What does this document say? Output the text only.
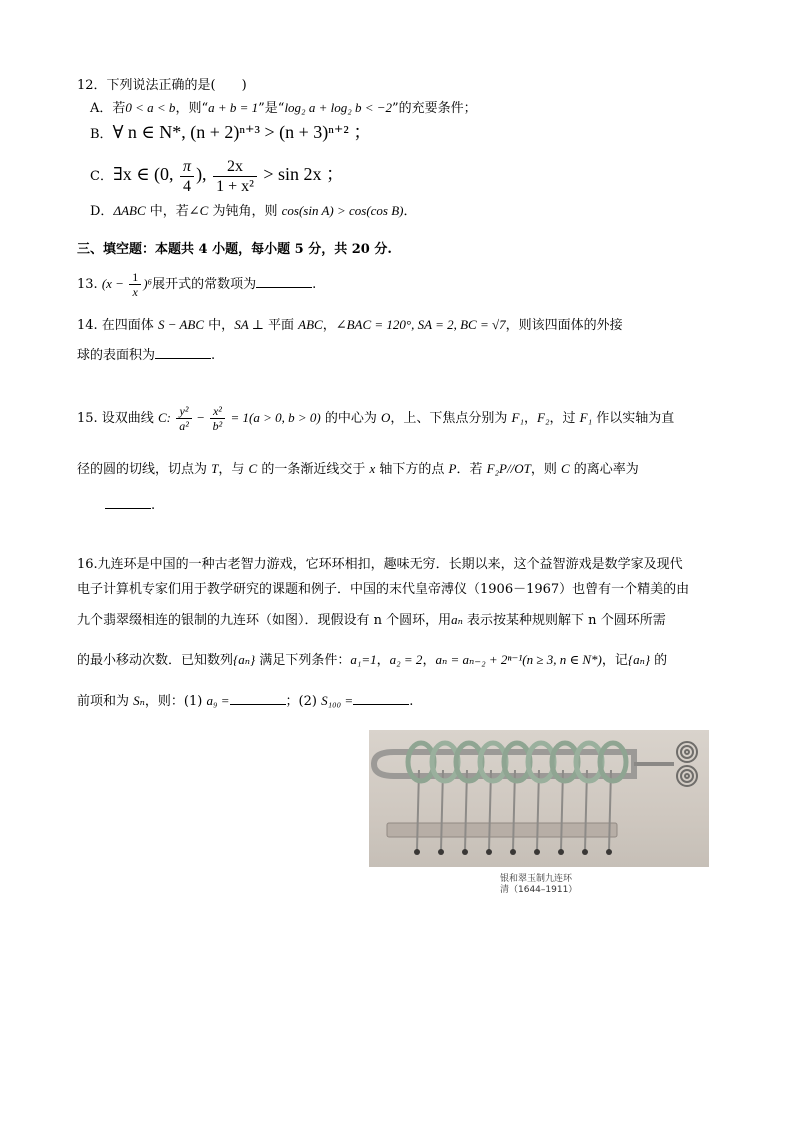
12．下列说法正确的是(　　)
A．若0 < a < b，则“a + b = 1”是“log₂ a + log₂ b < −2”的充要条件；
B．∀ n ∈ N*, (n + 2)ⁿ⁺³ > (n + 3)ⁿ⁺² ；
C．∃x ∈ (0, $\frac{\pi}{4}$ ), $\frac{2x}{\text{1 + x²}} > \sin 2x$ ；
D．ΔABC 中，若∠C 为钝角，则 cos(sin A) > cos(cos B)．
三、填空题：本题共 4 小题，每小题 5 分，共 20 分.
13. $(x - \frac{1}{x} )^6$展开式的常数项为	.
14. 在四面体 S − ABC 中，SA ⊥ 平面 ABC，∠BAC = 120°, SA = 2, BC = √7，则该四面体的外接
球的表面积为	.
15. 设双曲线 C: $\frac{\text{y²}}{\text{a²}} - \frac{\text{x²}}{\text{b²}} = 1(a > 0$, b > 0) 的中心为 O，上、下焦点分别为 F₁，F₂，过 F₁ 作以实轴为直
径的圆的切线，切点为 T，与 C 的一条渐近线交于 x 轴下方的点 P．若 F₂P//OT，则 C 的离心率为
.
16.九连环是中国的一种古老智力游戏，它环环相扣，趣味无穷．长期以来，这个益智游戏是数学家及现代
电子计算机专家们用于教学研究的课题和例子．中国的末代皇帝溥仪（1906－1967）也曾有一个精美的由
九个翡翠缀相连的银制的九连环（如图）．现假设有 n 个圆环，用aₙ 表示按某种规则解下 n 个圆环所需
的最小移动次数．已知数列{aₙ} 满足下列条件：a₁=1，a₂ = 2，aₙ = aₙ₋₂ + 2ⁿ⁻¹(n ≥ 3, n ∈ N*)，记{aₙ} 的
前项和为 Sₙ，则：(1) a₉ =	；(2) S₁₀₀ =	.
银和翠玉制九连环
清（1644–1911）
